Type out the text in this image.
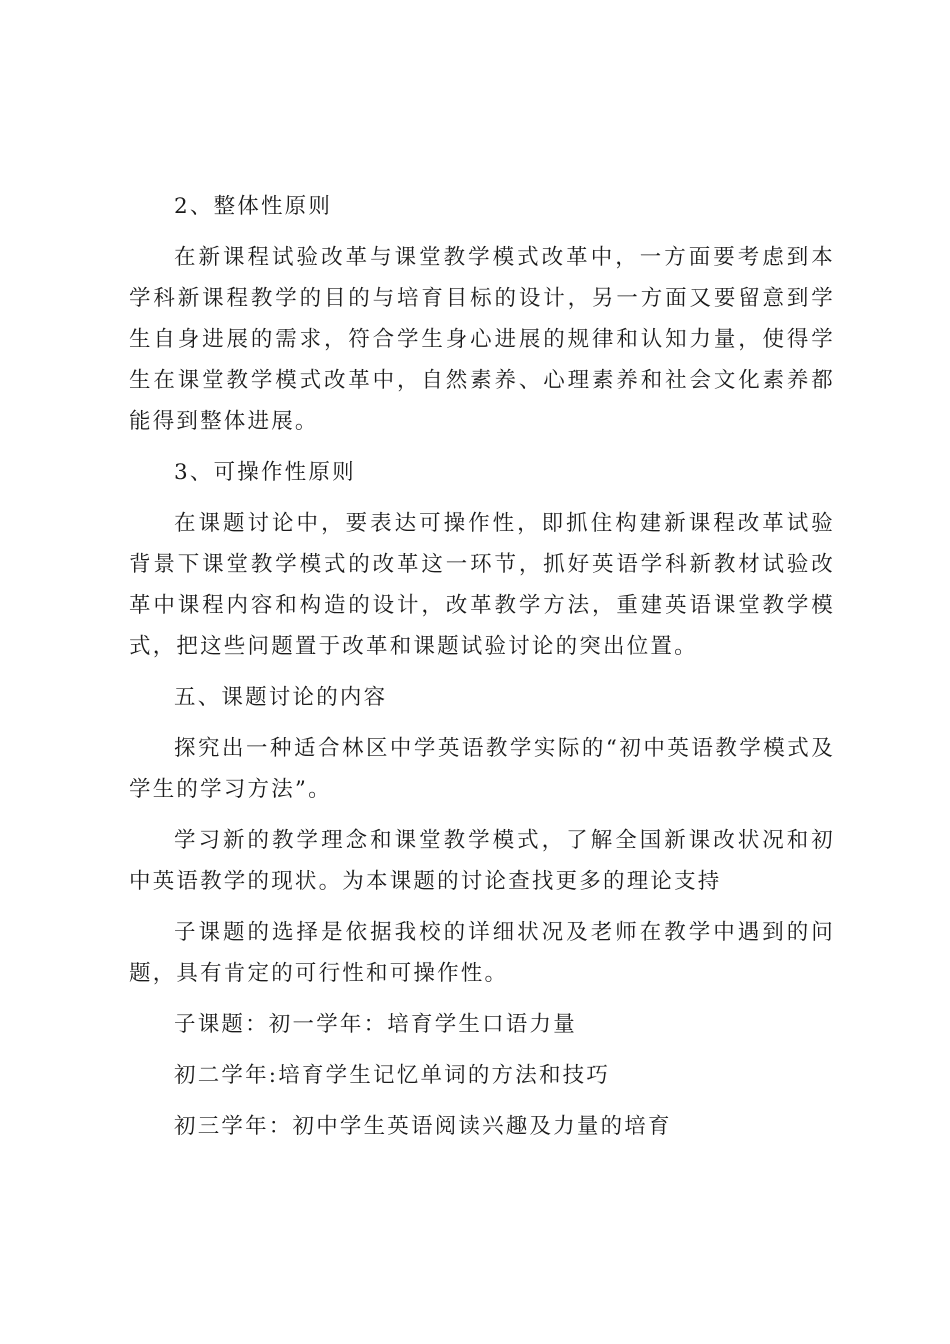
2、整体性原则

在新课程试验改革与课堂教学模式改革中，一方面要考虑到本学科新课程教学的目的与培育目标的设计，另一方面又要留意到学生自身进展的需求，符合学生身心进展的规律和认知力量，使得学生在课堂教学模式改革中，自然素养、心理素养和社会文化素养都能得到整体进展。

3、可操作性原则

在课题讨论中，要表达可操作性，即抓住构建新课程改革试验背景下课堂教学模式的改革这一环节，抓好英语学科新教材试验改革中课程内容和构造的设计，改革教学方法，重建英语课堂教学模式，把这些问题置于改革和课题试验讨论的突出位置。

五、课题讨论的内容

探究出一种适合林区中学英语教学实际的“初中英语教学模式及学生的学习方法”。

学习新的教学理念和课堂教学模式，了解全国新课改状况和初中英语教学的现状。为本课题的讨论查找更多的理论支持

子课题的选择是依据我校的详细状况及老师在教学中遇到的问题，具有肯定的可行性和可操作性。

子课题：初一学年：培育学生口语力量

初二学年:培育学生记忆单词的方法和技巧

初三学年：初中学生英语阅读兴趣及力量的培育
